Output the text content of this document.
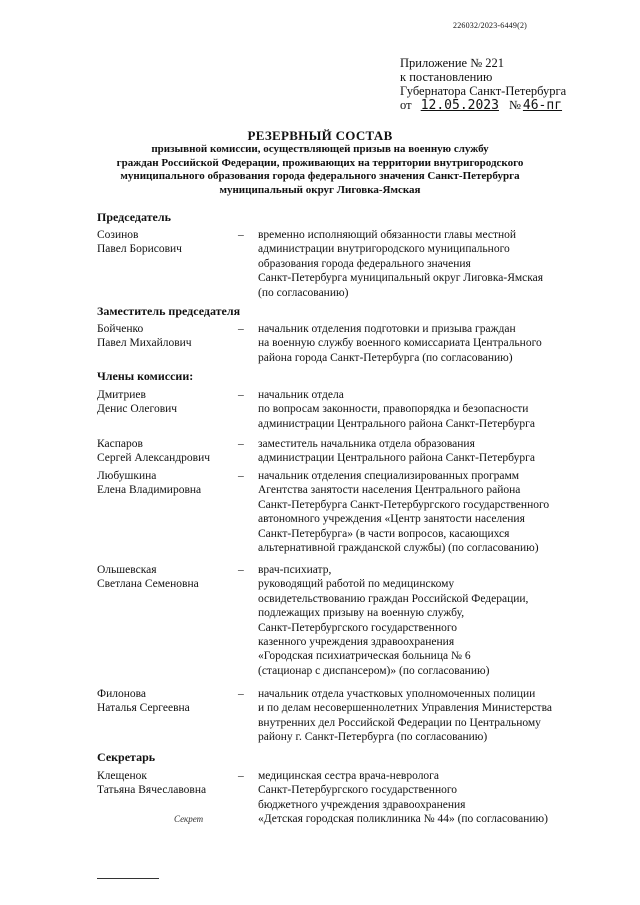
226032/2023-6449(2)
Приложение № 221
к постановлению
Губернатора Санкт-Петербурга
от 12.05.2023 № 46-пг
РЕЗЕРВНЫЙ СОСТАВ
призывной комиссии, осуществляющей призыв на военную службу
граждан Российской Федерации, проживающих на территории внутригородского
муниципального образования города федерального значения Санкт-Петербурга
муниципальный округ Лиговка-Ямская
Председатель
Созинов
Павел Борисович
– временно исполняющий обязанности главы местной
администрации внутригородского муниципального
образования города федерального значения
Санкт-Петербурга муниципальный округ Лиговка-Ямская
(по согласованию)
Заместитель председателя
Бойченко
Павел Михайлович
– начальник отделения подготовки и призыва граждан
на военную службу военного комиссариата Центрального
района города Санкт-Петербурга (по согласованию)
Члены комиссии:
Дмитриев
Денис Олегович
– начальник отдела
по вопросам законности, правопорядка и безопасности
администрации Центрального района Санкт-Петербурга
Каспаров
Сергей Александрович
– заместитель начальника отдела образования
администрации Центрального района Санкт-Петербурга
Любушкина
Елена Владимировна
– начальник отделения специализированных программ
Агентства занятости населения Центрального района
Санкт-Петербурга Санкт-Петербургского государственного
автономного учреждения «Центр занятости населения
Санкт-Петербурга» (в части вопросов, касающихся
альтернативной гражданской службы) (по согласованию)
Ольшевская
Светлана Семеновна
– врач-психиатр,
руководящий работой по медицинскому
освидетельствованию граждан Российской Федерации,
подлежащих призыву на военную службу,
Санкт-Петербургского государственного
казенного учреждения здравоохранения
«Городская психиатрическая больница № 6
(стационар с диспансером)» (по согласованию)
Филонова
Наталья Сергеевна
– начальник отдела участковых уполномоченных полиции
и по делам несовершеннолетних Управления Министерства
внутренних дел Российской Федерации по Центральному
району г. Санкт-Петербурга (по согласованию)
Секретарь
Клещенок
Татьяна Вячеславовна
– медицинская сестра врача-невролога
Санкт-Петербургского государственного
бюджетного учреждения здравоохранения
«Детская городская поликлиника № 44» (по согласованию)
Секрет
